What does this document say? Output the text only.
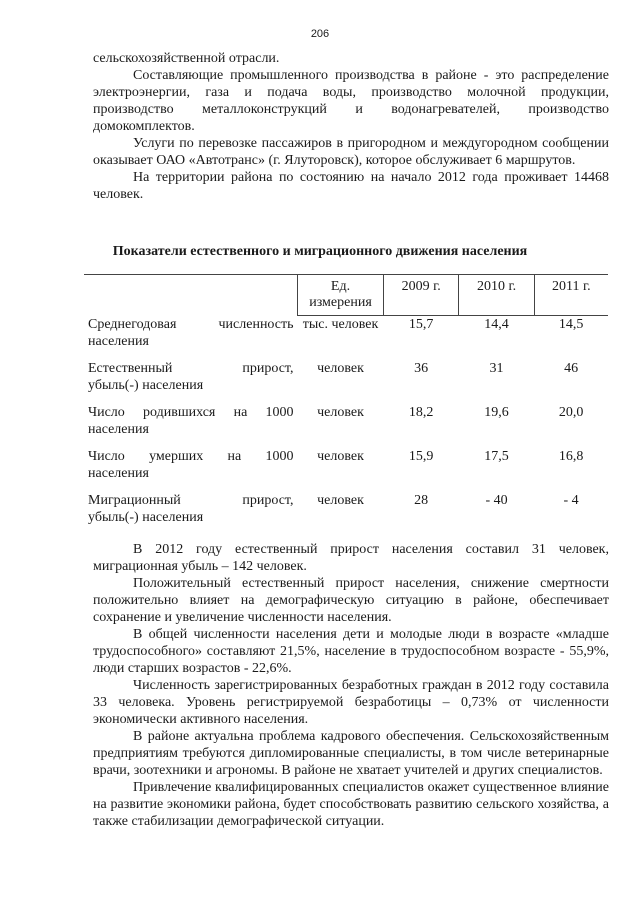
206

сельскохозяйственной отрасли.

Составляющие промышленного производства в районе - это распределение электроэнергии, газа и подача воды, производство молочной продукции, производство металлоконструкций и водонагревателей, производство домокомплектов.

Услуги по перевозке пассажиров в пригородном и междугородном сообщении оказывает ОАО «Автотранс» (г. Ялуторовск), которое обслуживает 6 маршрутов.

На территории района по состоянию на начало 2012 года проживает 14468 человек.

Показатели естественного и миграционного движения населения
	Ед. измерения	2009 г.	2010 г.	2011 г.

Среднегодовая численность
населения	тыс. человек	15,7	14,4	14,5

Естественный прирост,
убыль(-) населения	человек	36	31	46

Число родившихся на 1000
населения	человек	18,2	19,6	20,0

Число умерших на 1000
населения	человек	15,9	17,5	16,8

Миграционный прирост,
убыль(-) населения	человек	28	- 40	- 4

В 2012 году естественный прирост населения составил 31 человек, миграционная убыль – 142 человек.

Положительный естественный прирост населения, снижение смертности положительно влияет на демографическую ситуацию в районе, обеспечивает сохранение и увеличение численности населения.

В общей численности населения дети и молодые люди в возрасте «младше трудоспособного» составляют 21,5%, население в трудоспособном возрасте - 55,9%, люди старших возрастов - 22,6%.

Численность зарегистрированных безработных граждан в 2012 году составила 33 человека. Уровень регистрируемой безработицы – 0,73% от численности экономически активного населения.

В районе актуальна проблема кадрового обеспечения. Сельскохозяйственным предприятиям требуются дипломированные специалисты, в том числе ветеринарные врачи, зоотехники и агрономы. В районе не хватает учителей и других специалистов.

Привлечение квалифицированных специалистов окажет существенное влияние на развитие экономики района, будет способствовать развитию сельского хозяйства, а также стабилизации демографической ситуации.
